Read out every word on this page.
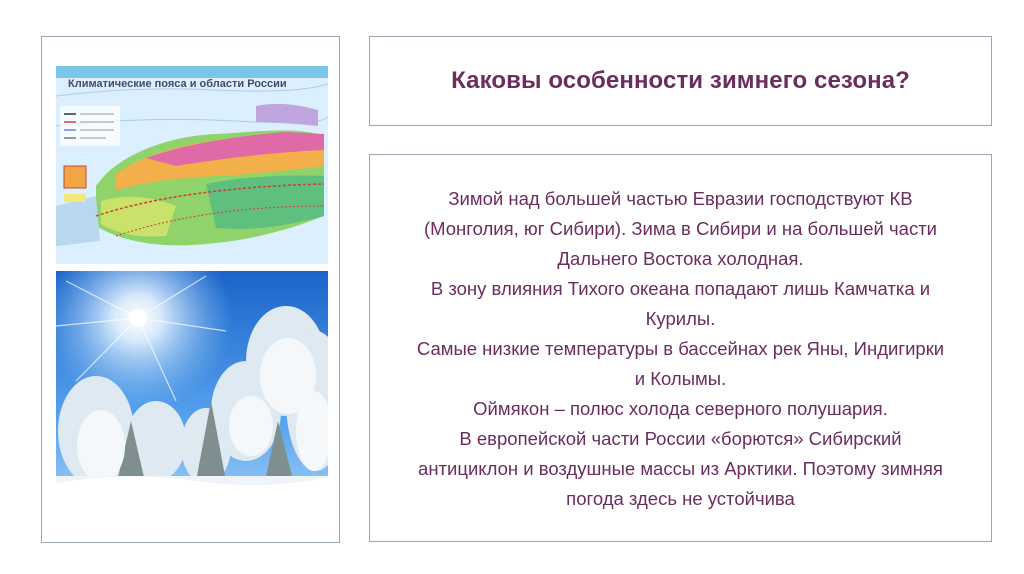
Климатические пояса и области России	Каковы особенности зимнего сезона?
Зимой над большей частью Евразии господствуют КВ
(Монголия, юг Сибири). Зима в Сибири и на большей части
Дальнего Востока холодная.
В зону влияния Тихого океана попадают лишь Камчатка и
Курилы.
Самые низкие температуры в бассейнах рек Яны, Индигирки
и Колымы.
Оймякон – полюс холода северного полушария.
В европейской части России «борются» Сибирский
антициклон и воздушные массы из Арктики. Поэтому зимняя
погода здесь не устойчива
